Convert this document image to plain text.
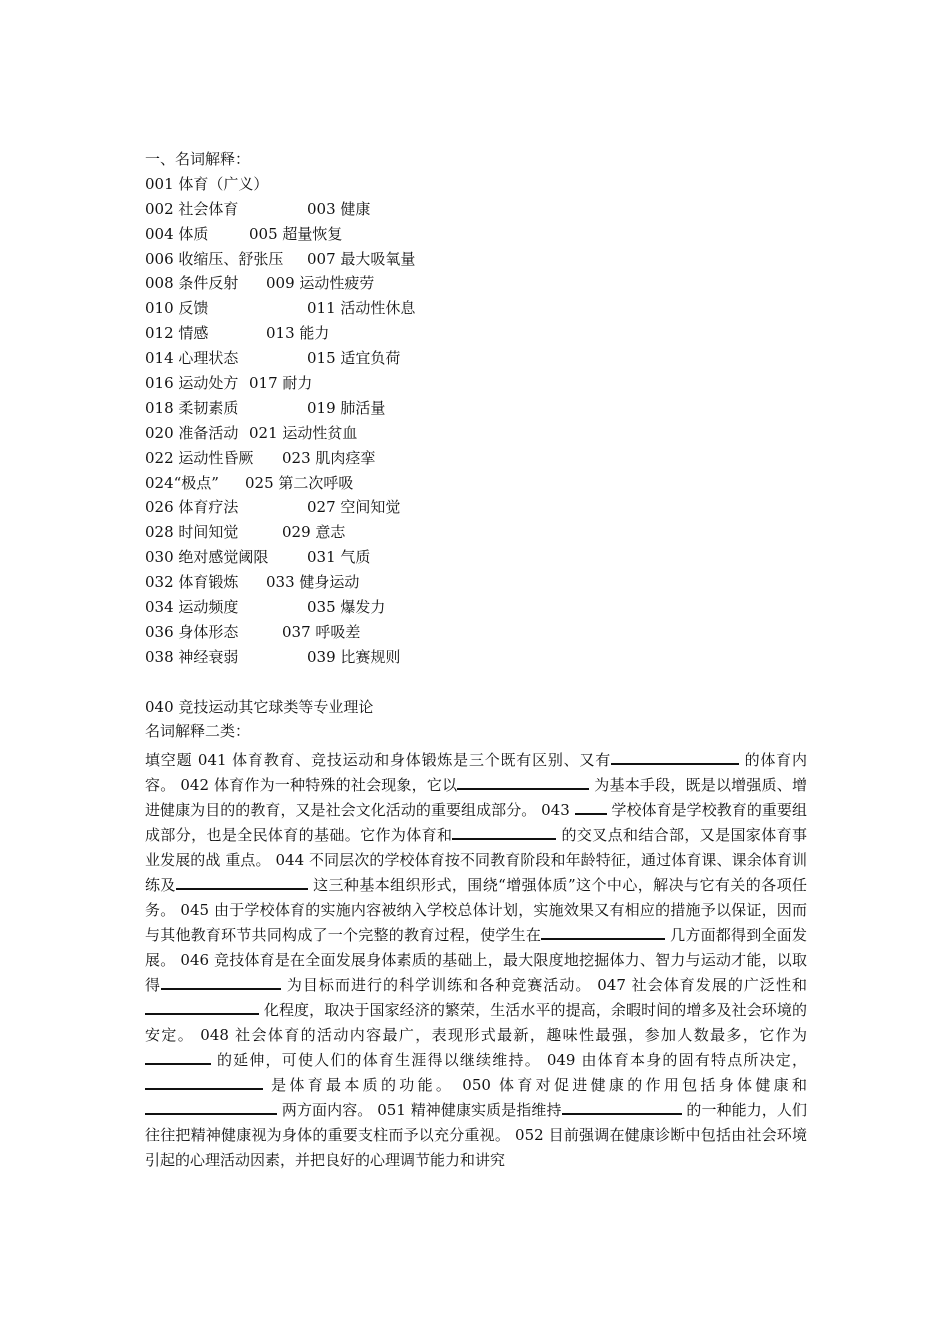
一、名词解释：
001 体育（广义）
002 社会体育	003 健康
004 体质	005 超量恢复
006 收缩压、舒张压 007 最大吸氧量
008 条件反射 009 运动性疲劳
010 反馈	011 活动性休息
012 情感	013 能力
014 心理状态	015 适宜负荷
016 运动处方 017 耐力
018 柔韧素质	019 肺活量
020 准备活动 021 运动性贫血
022 运动性昏厥 023 肌肉痉挛
024“极点” 025 第二次呼吸
026 体育疗法	027 空间知觉
028 时间知觉	029 意志
030 绝对感觉阈限	031 气质
032 体育锻炼 033 健身运动
034 运动频度	035 爆发力
036 身体形态	037 呼吸差
038 神经衰弱	039 比赛规则
040 竞技运动其它球类等专业理论
名词解释二类：
填空题 041 体育教育、竞技运动和身体锻炼是三个既有区别、又有	的体育内容。 042 体育作为一种特殊的社会现象，它以	为基本手段，既是以增强质、增进健康为目的的教育，又是社会文化活动的重要组成部分。 043  学校体育是学校教育的重要组成部分，也是全民体育的基础。它作为体育和	的交叉点和结合部，又是国家体育事业发展的战 重点。 044 不同层次的学校体育按不同教育阶段和年龄特征，通过体育课、课余体育训练及	这三种基本组织形式，围绕“增强体质”这个中心，解决与它有关的各项任务。 045 由于学校体育的实施内容被纳入学校总体计划，实施效果又有相应的措施予以保证，因而与其他教育环节共同构成了一个完整的教育过程，使学生在	几方面都得到全面发展。 046 竞技体育是在全面发展身体素质的基础上，最大限度地挖掘体力、智力与运动才能，以取得	为目标而进行的科学训练和各种竞赛活动。 047 社会体育发展的广泛性和 化程度，取决于国家经济的繁荣，生活水平的提高，余暇时间的增多及社会环境的安定。 048 社会体育的活动内容最广，表现形式最新，趣味性最强，参加人数最多，它作为 的延伸，可使人们的体育生涯得以继续维持。 049 由体育本身的固有特点所决定， 是体育最本质的功能。 050 体育对促进健康的作用包括身体健康和 两方面内容。 051 精神健康实质是指维持	的一种能力，人们往往把精神健康视为身体的重要支柱而予以充分重视。 052 目前强调在健康诊断中包括由社会环境引起的心理活动因素，并把良好的心理调节能力和讲究
